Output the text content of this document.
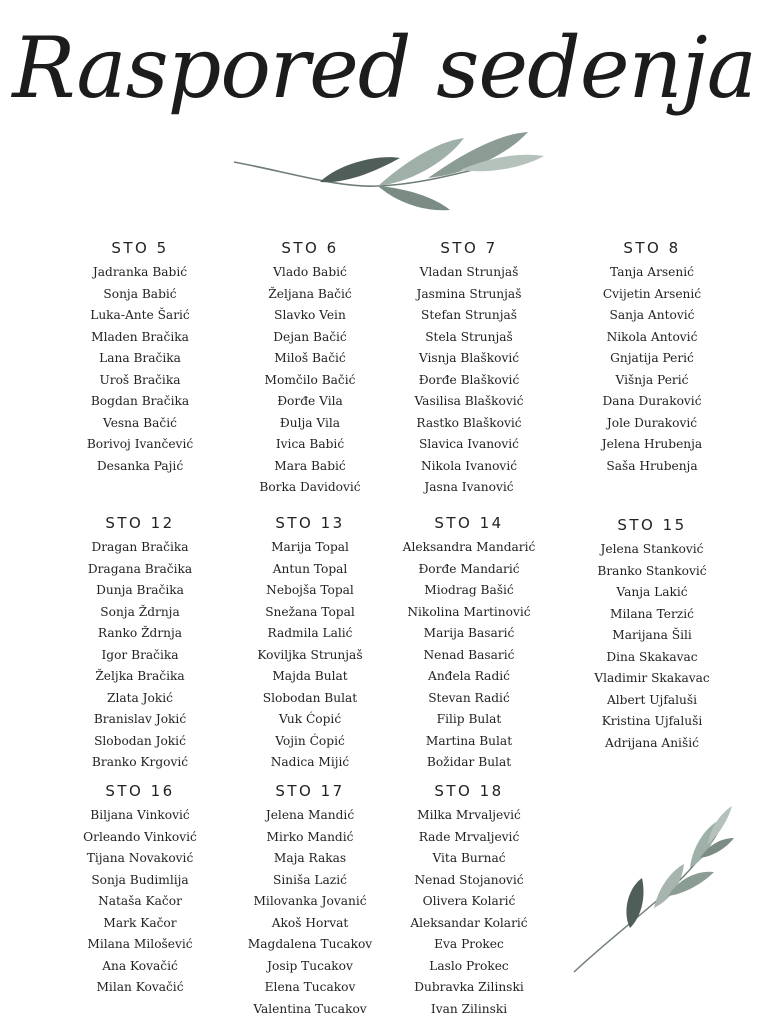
Raspored sedenja
STO 5
Jadranka Babić
Sonja Babić
Luka-Ante Šarić
Mladen Bračika
Lana Bračika
Uroš Bračika
Bogdan Bračika
Vesna Bačić
Borivoj Ivančević
Desanka Pajić
STO 6
Vlado Babić
Željana Bačić
Slavko Vein
Dejan Bačić
Miloš Bačić
Momčilo Bačić
Đorđe Vila
Đulja Vila
Ivica Babić
Mara Babić
Borka Davidović
STO 7
Vladan Strunjaš
Jasmina Strunjaš
Stefan Strunjaš
Stela Strunjaš
Visnja Blašković
Đorđe Blašković
Vasilisa Blašković
Rastko Blašković
Slavica Ivanović
Nikola Ivanović
Jasna Ivanović
STO 8
Tanja Arsenić
Cvijetin Arsenić
Sanja Antović
Nikola Antović
Gnjatija Perić
Višnja Perić
Dana Duraković
Jole Duraković
Jelena Hrubenja
Saša Hrubenja
STO 12
Dragan Bračika
Dragana Bračika
Dunja Bračika
Sonja Ždrnja
Ranko Ždrnja
Igor Bračika
Željka Bračika
Zlata Jokić
Branislav Jokić
Slobodan Jokić
Branko Krgović
STO 13
Marija Topal
Antun Topal
Nebojša Topal
Snežana Topal
Radmila Lalić
Koviljka Strunjaš
Majda Bulat
Slobodan Bulat
Vuk Ćopić
Vojin Ćopić
Nadica Mijić
STO 14
Aleksandra Mandarić
Đorđe Mandarić
Miodrag Bašić
Nikolina Martinović
Marija Basarić
Nenad Basarić
Anđela Radić
Stevan Radić
Filip Bulat
Martina Bulat
Božidar Bulat
STO 15
Jelena Stanković
Branko Stanković
Vanja Lakić
Milana Terzić
Marijana Šili
Dina Skakavac
Vladimir Skakavac
Albert Ujfaluši
Kristina Ujfaluši
Adrijana Anišić
STO 16
Biljana Vinković
Orleando Vinković
Tijana Novaković
Sonja Budimlija
Nataša Kačor
Mark Kačor
Milana Milošević
Ana Kovačić
Milan Kovačić
STO 17
Jelena Mandić
Mirko Mandić
Maja Rakas
Siniša Lazić
Milovanka Jovanić
Akoš Horvat
Magdalena Tucakov
Josip Tucakov
Elena Tucakov
Valentina Tucakov
STO 18
Milka Mrvaljević
Rade Mrvaljević
Vita Burnać
Nenad Stojanović
Olivera Kolarić
Aleksandar Kolarić
Eva Prokec
Laslo Prokec
Dubravka Zilinski
Ivan Zilinski
